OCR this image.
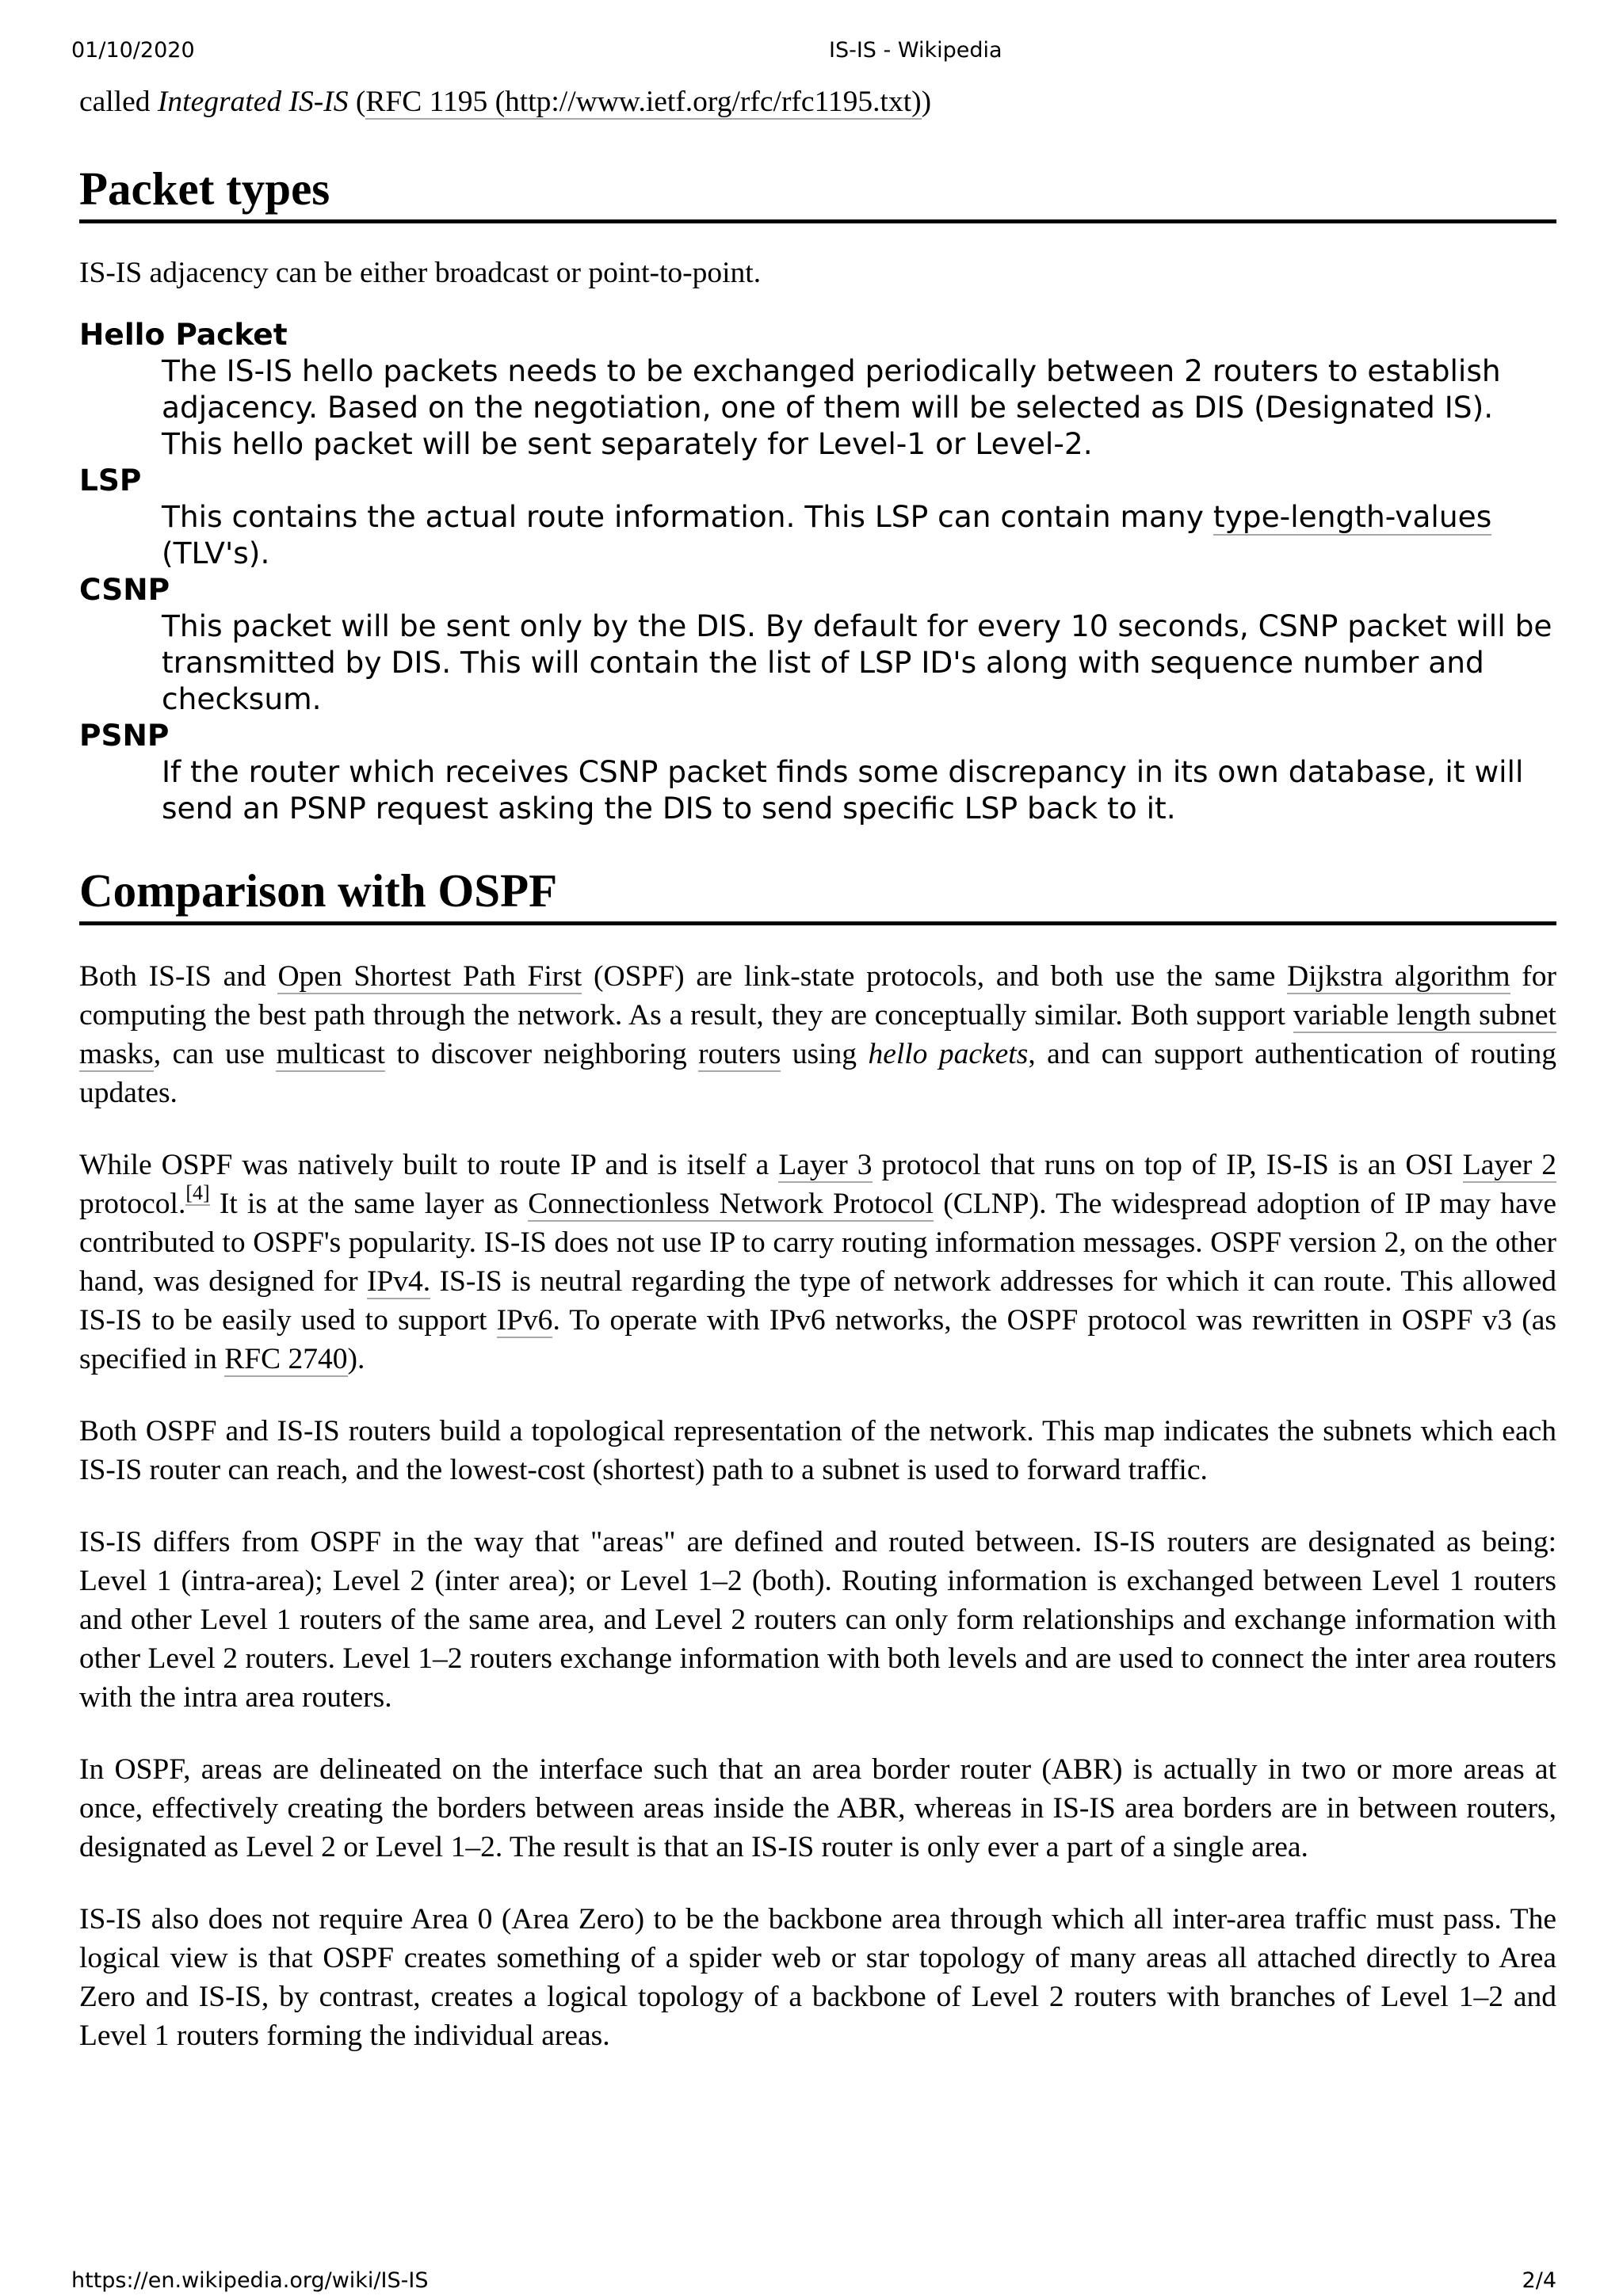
01/10/2020	IS-IS - Wikipedia
called Integrated IS-IS (RFC 1195 (http://www.ietf.org/rfc/rfc1195.txt))
Packet types

IS-IS adjacency can be either broadcast or point-to-point.

Hello Packet
The IS-IS hello packets needs to be exchanged periodically between 2 routers to establish adjacency. Based on the negotiation, one of them will be selected as DIS (Designated IS). This hello packet will be sent separately for Level-1 or Level-2.
LSP
This contains the actual route information. This LSP can contain many type-length-values (TLV's).
CSNP
This packet will be sent only by the DIS. By default for every 10 seconds, CSNP packet will be transmitted by DIS. This will contain the list of LSP ID's along with sequence number and checksum.
PSNP
If the router which receives CSNP packet finds some discrepancy in its own database, it will send an PSNP request asking the DIS to send specific LSP back to it.
Comparison with OSPF

Both IS-IS and Open Shortest Path First (OSPF) are link-state protocols, and both use the same Dijkstra algorithm for computing the best path through the network. As a result, they are conceptually similar. Both support variable length subnet masks, can use multicast to discover neighboring routers using hello packets, and can support authentication of routing updates.

While OSPF was natively built to route IP and is itself a Layer 3 protocol that runs on top of IP, IS-IS is an OSI Layer 2 protocol.[4] It is at the same layer as Connectionless Network Protocol (CLNP). The widespread adoption of IP may have contributed to OSPF's popularity. IS-IS does not use IP to carry routing information messages. OSPF version 2, on the other hand, was designed for IPv4. IS-IS is neutral regarding the type of network addresses for which it can route. This allowed IS-IS to be easily used to support IPv6. To operate with IPv6 networks, the OSPF protocol was rewritten in OSPF v3 (as specified in RFC 2740).

Both OSPF and IS-IS routers build a topological representation of the network. This map indicates the subnets which each IS-IS router can reach, and the lowest-cost (shortest) path to a subnet is used to forward traffic.

IS-IS differs from OSPF in the way that "areas" are defined and routed between. IS-IS routers are designated as being: Level 1 (intra-area); Level 2 (inter area); or Level 1–2 (both). Routing information is exchanged between Level 1 routers and other Level 1 routers of the same area, and Level 2 routers can only form relationships and exchange information with other Level 2 routers. Level 1–2 routers exchange information with both levels and are used to connect the inter area routers with the intra area routers.

In OSPF, areas are delineated on the interface such that an area border router (ABR) is actually in two or more areas at once, effectively creating the borders between areas inside the ABR, whereas in IS-IS area borders are in between routers, designated as Level 2 or Level 1–2. The result is that an IS-IS router is only ever a part of a single area.

IS-IS also does not require Area 0 (Area Zero) to be the backbone area through which all inter-area traffic must pass. The logical view is that OSPF creates something of a spider web or star topology of many areas all attached directly to Area Zero and IS-IS, by contrast, creates a logical topology of a backbone of Level 2 routers with branches of Level 1–2 and Level 1 routers forming the individual areas.

https://en.wikipedia.org/wiki/IS-IS	2/4
